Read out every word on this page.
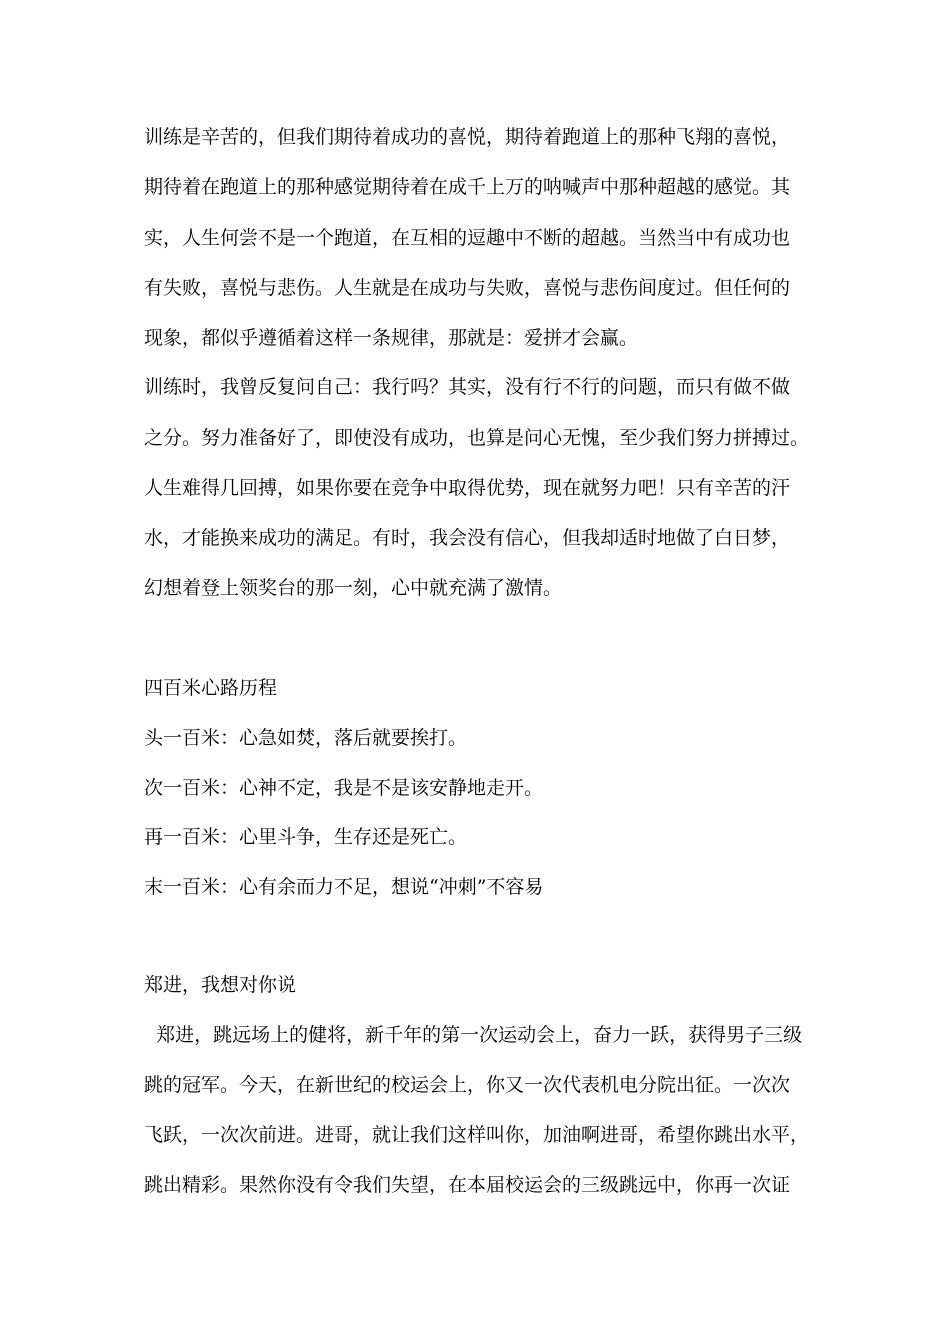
训练是辛苦的，但我们期待着成功的喜悦，期待着跑道上的那种飞翔的喜悦，

期待着在跑道上的那种感觉期待着在成千上万的呐喊声中那种超越的感觉。其

实，人生何尝不是一个跑道，在互相的逗趣中不断的超越。当然当中有成功也

有失败，喜悦与悲伤。人生就是在成功与失败，喜悦与悲伤间度过。但任何的

现象，都似乎遵循着这样一条规律，那就是：爱拼才会赢。

训练时，我曾反复问自己：我行吗？其实，没有行不行的问题，而只有做不做

之分。努力准备好了，即使没有成功，也算是问心无愧，至少我们努力拼搏过。

人生难得几回搏，如果你要在竞争中取得优势，现在就努力吧！只有辛苦的汗

水，才能换来成功的满足。有时，我会没有信心，但我却适时地做了白日梦，

幻想着登上领奖台的那一刻，心中就充满了激情。

四百米心路历程

头一百米：心急如焚，落后就要挨打。

次一百米：心神不定，我是不是该安静地走开。

再一百米：心里斗争，生存还是死亡。

末一百米：心有余而力不足，想说“冲刺”不容易

郑进，我想对你说

郑进，跳远场上的健将，新千年的第一次运动会上，奋力一跃，获得男子三级

跳的冠军。今天，在新世纪的校运会上，你又一次代表机电分院出征。一次次

飞跃，一次次前进。进哥，就让我们这样叫你，加油啊进哥，希望你跳出水平，

跳出精彩。果然你没有令我们失望，在本届校运会的三级跳远中，你再一次证
